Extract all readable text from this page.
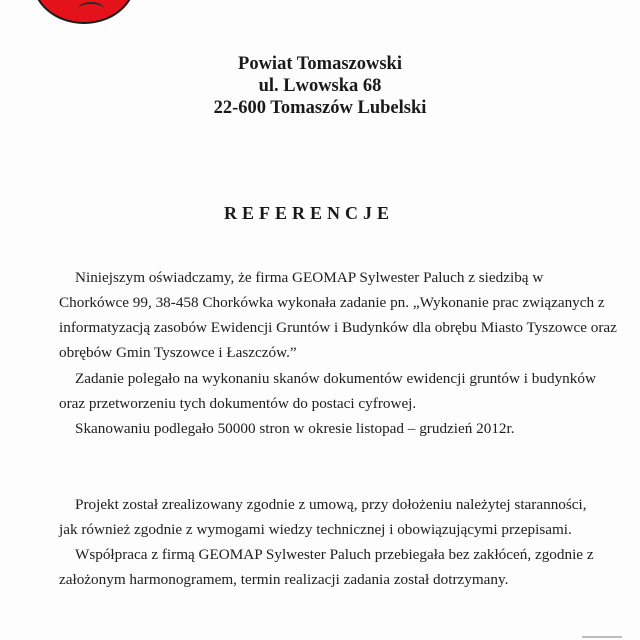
Powiat Tomaszowski
ul. Lwowska 68
22-600 Tomaszów Lubelski
REFERENCJE
Niniejszym oświadczamy, że firma GEOMAP Sylwester Paluch z siedzibą w
Chorkówce 99, 38-458 Chorkówka wykonała zadanie pn. „Wykonanie prac związanych z
informatyzacją zasobów Ewidencji Gruntów i Budynków dla obrębu Miasto Tyszowce oraz
obrębów Gmin Tyszowce i Łaszczów.”
Zadanie polegało na wykonaniu skanów dokumentów ewidencji gruntów i budynków
oraz przetworzeniu tych dokumentów do postaci cyfrowej.
Skanowaniu podlegało 50000 stron w okresie listopad – grudzień 2012r.
Projekt został zrealizowany zgodnie z umową, przy dołożeniu należytej staranności,
jak również zgodnie z wymogami wiedzy technicznej i obowiązującymi przepisami.
Współpraca z firmą GEOMAP Sylwester Paluch przebiegała bez zakłóceń, zgodnie z
założonym harmonogramem, termin realizacji zadania został dotrzymany.
